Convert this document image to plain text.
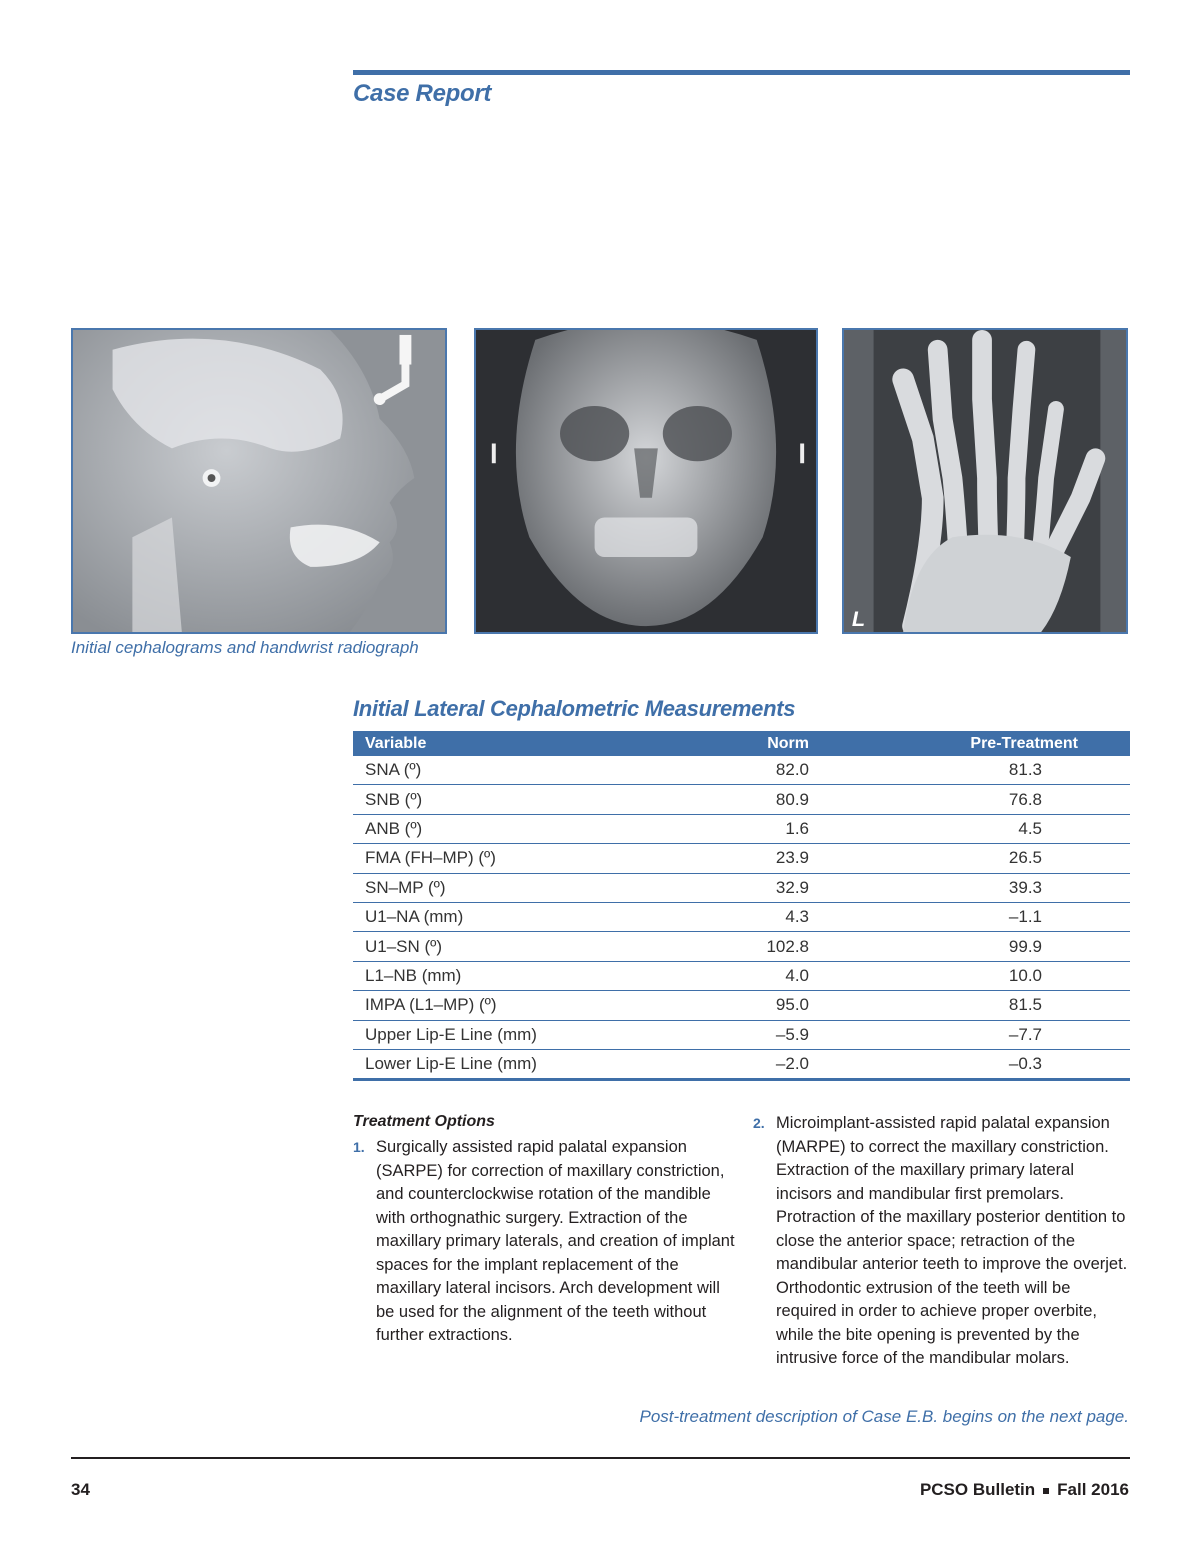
Case Report
L
Initial cephalograms and handwrist radiograph
Initial Lateral Cephalometric Measurements
Variable	Norm	Pre-Treatment
SNA (º)	82.0	81.3
SNB (º)	80.9	76.8
ANB (º)	1.6	4.5
FMA (FH–MP) (º)	23.9	26.5
SN–MP (º)	32.9	39.3
U1–NA (mm)	4.3	–1.1
U1–SN (º)	102.8	99.9
L1–NB (mm)	4.0	10.0
IMPA (L1–MP) (º)	95.0	81.5
Upper Lip-E Line (mm)	–5.9	–7.7
Lower Lip-E Line (mm)	–2.0	–0.3
Treatment Options
1. Surgically assisted rapid palatal expansion (SARPE) for correction of maxillary constriction, and counterclockwise rotation of the mandible with orthognathic surgery. Extraction of the maxillary primary laterals, and creation of implant spaces for the implant replacement of the maxillary lateral incisors. Arch development will be used for the alignment of the teeth without further extractions.
2. Microimplant-assisted rapid palatal expansion (MARPE) to correct the maxillary constriction. Extraction of the maxillary primary lateral incisors and mandibular first premolars. Protraction of the maxillary posterior dentition to close the anterior space; retraction of the mandibular anterior teeth to improve the overjet. Orthodontic extrusion of the teeth will be required in order to achieve proper overbite, while the bite opening is prevented by the intrusive force of the mandibular molars.
Post-treatment description of Case E.B. begins on the next page.
34	PCSO Bulletin Fall 2016
